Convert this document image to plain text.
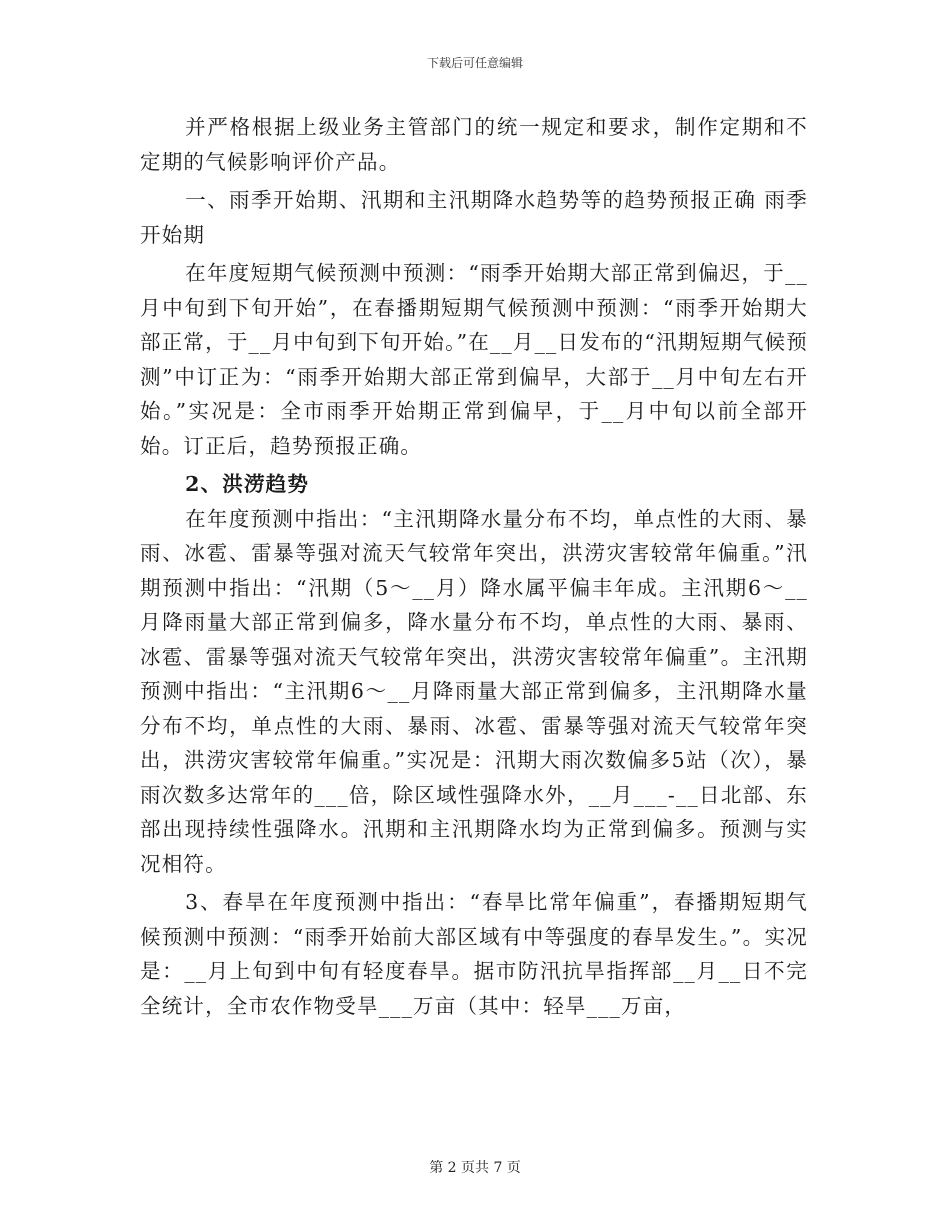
下载后可任意编辑

并严格根据上级业务主管部门的统一规定和要求，制作定期和不定期的气候影响评价产品。

一、雨季开始期、汛期和主汛期降水趋势等的趋势预报正确 雨季开始期

在年度短期气候预测中预测：“雨季开始期大部正常到偏迟，于__月中旬到下旬开始”，在春播期短期气候预测中预测：“雨季开始期大部正常，于__月中旬到下旬开始。”在__月__日发布的“汛期短期气候预测”中订正为：“雨季开始期大部正常到偏早，大部于__月中旬左右开始。”实况是：全市雨季开始期正常到偏早，于__月中旬以前全部开始。订正后，趋势预报正确。

2、洪涝趋势

在年度预测中指出：“主汛期降水量分布不均，单点性的大雨、暴雨、冰雹、雷暴等强对流天气较常年突出，洪涝灾害较常年偏重。”汛期预测中指出：“汛期（5～__月）降水属平偏丰年成。主汛期6～__月降雨量大部正常到偏多，降水量分布不均，单点性的大雨、暴雨、冰雹、雷暴等强对流天气较常年突出，洪涝灾害较常年偏重”。主汛期预测中指出：“主汛期6～__月降雨量大部正常到偏多，主汛期降水量分布不均，单点性的大雨、暴雨、冰雹、雷暴等强对流天气较常年突出，洪涝灾害较常年偏重。”实况是：汛期大雨次数偏多5站（次），暴雨次数多达常年的___倍，除区域性强降水外，__月___-__日北部、东部出现持续性强降水。汛期和主汛期降水均为正常到偏多。预测与实况相符。

3、春旱在年度预测中指出：“春旱比常年偏重”，春播期短期气候预测中预测：“雨季开始前大部区域有中等强度的春旱发生。”。实况是：__月上旬到中旬有轻度春旱。据市防汛抗旱指挥部__月__日不完全统计，全市农作物受旱___万亩（其中：轻旱___万亩，

第 2 页共 7 页
